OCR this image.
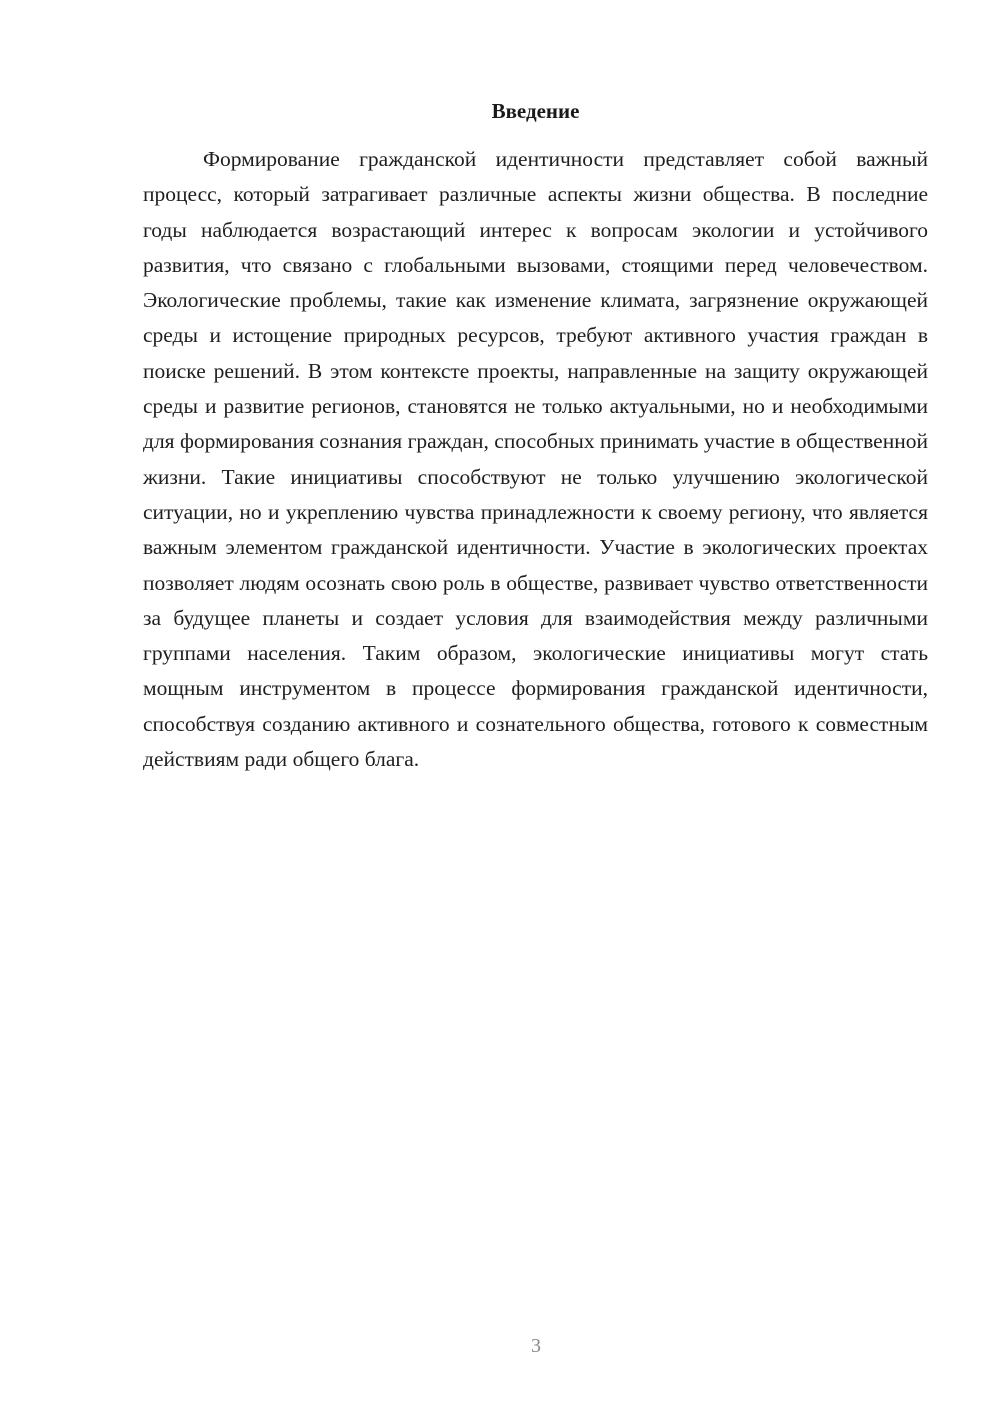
Введение

Формирование гражданской идентичности представляет собой важный процесс, который затрагивает различные аспекты жизни общества. В последние годы наблюдается возрастающий интерес к вопросам экологии и устойчивого развития, что связано с глобальными вызовами, стоящими перед человечеством. Экологические проблемы, такие как изменение климата, загрязнение окружающей среды и истощение природных ресурсов, требуют активного участия граждан в поиске решений. В этом контексте проекты, направленные на защиту окружающей среды и развитие регионов, становятся не только актуальными, но и необходимыми для формирования сознания граждан, способных принимать участие в общественной жизни. Такие инициативы способствуют не только улучшению экологической ситуации, но и укреплению чувства принадлежности к своему региону, что является важным элементом гражданской идентичности. Участие в экологических проектах позволяет людям осознать свою роль в обществе, развивает чувство ответственности за будущее планеты и создает условия для взаимодействия между различными группами населения. Таким образом, экологические инициативы могут стать мощным инструментом в процессе формирования гражданской идентичности, способствуя созданию активного и сознательного общества, готового к совместным действиям ради общего блага.

3
